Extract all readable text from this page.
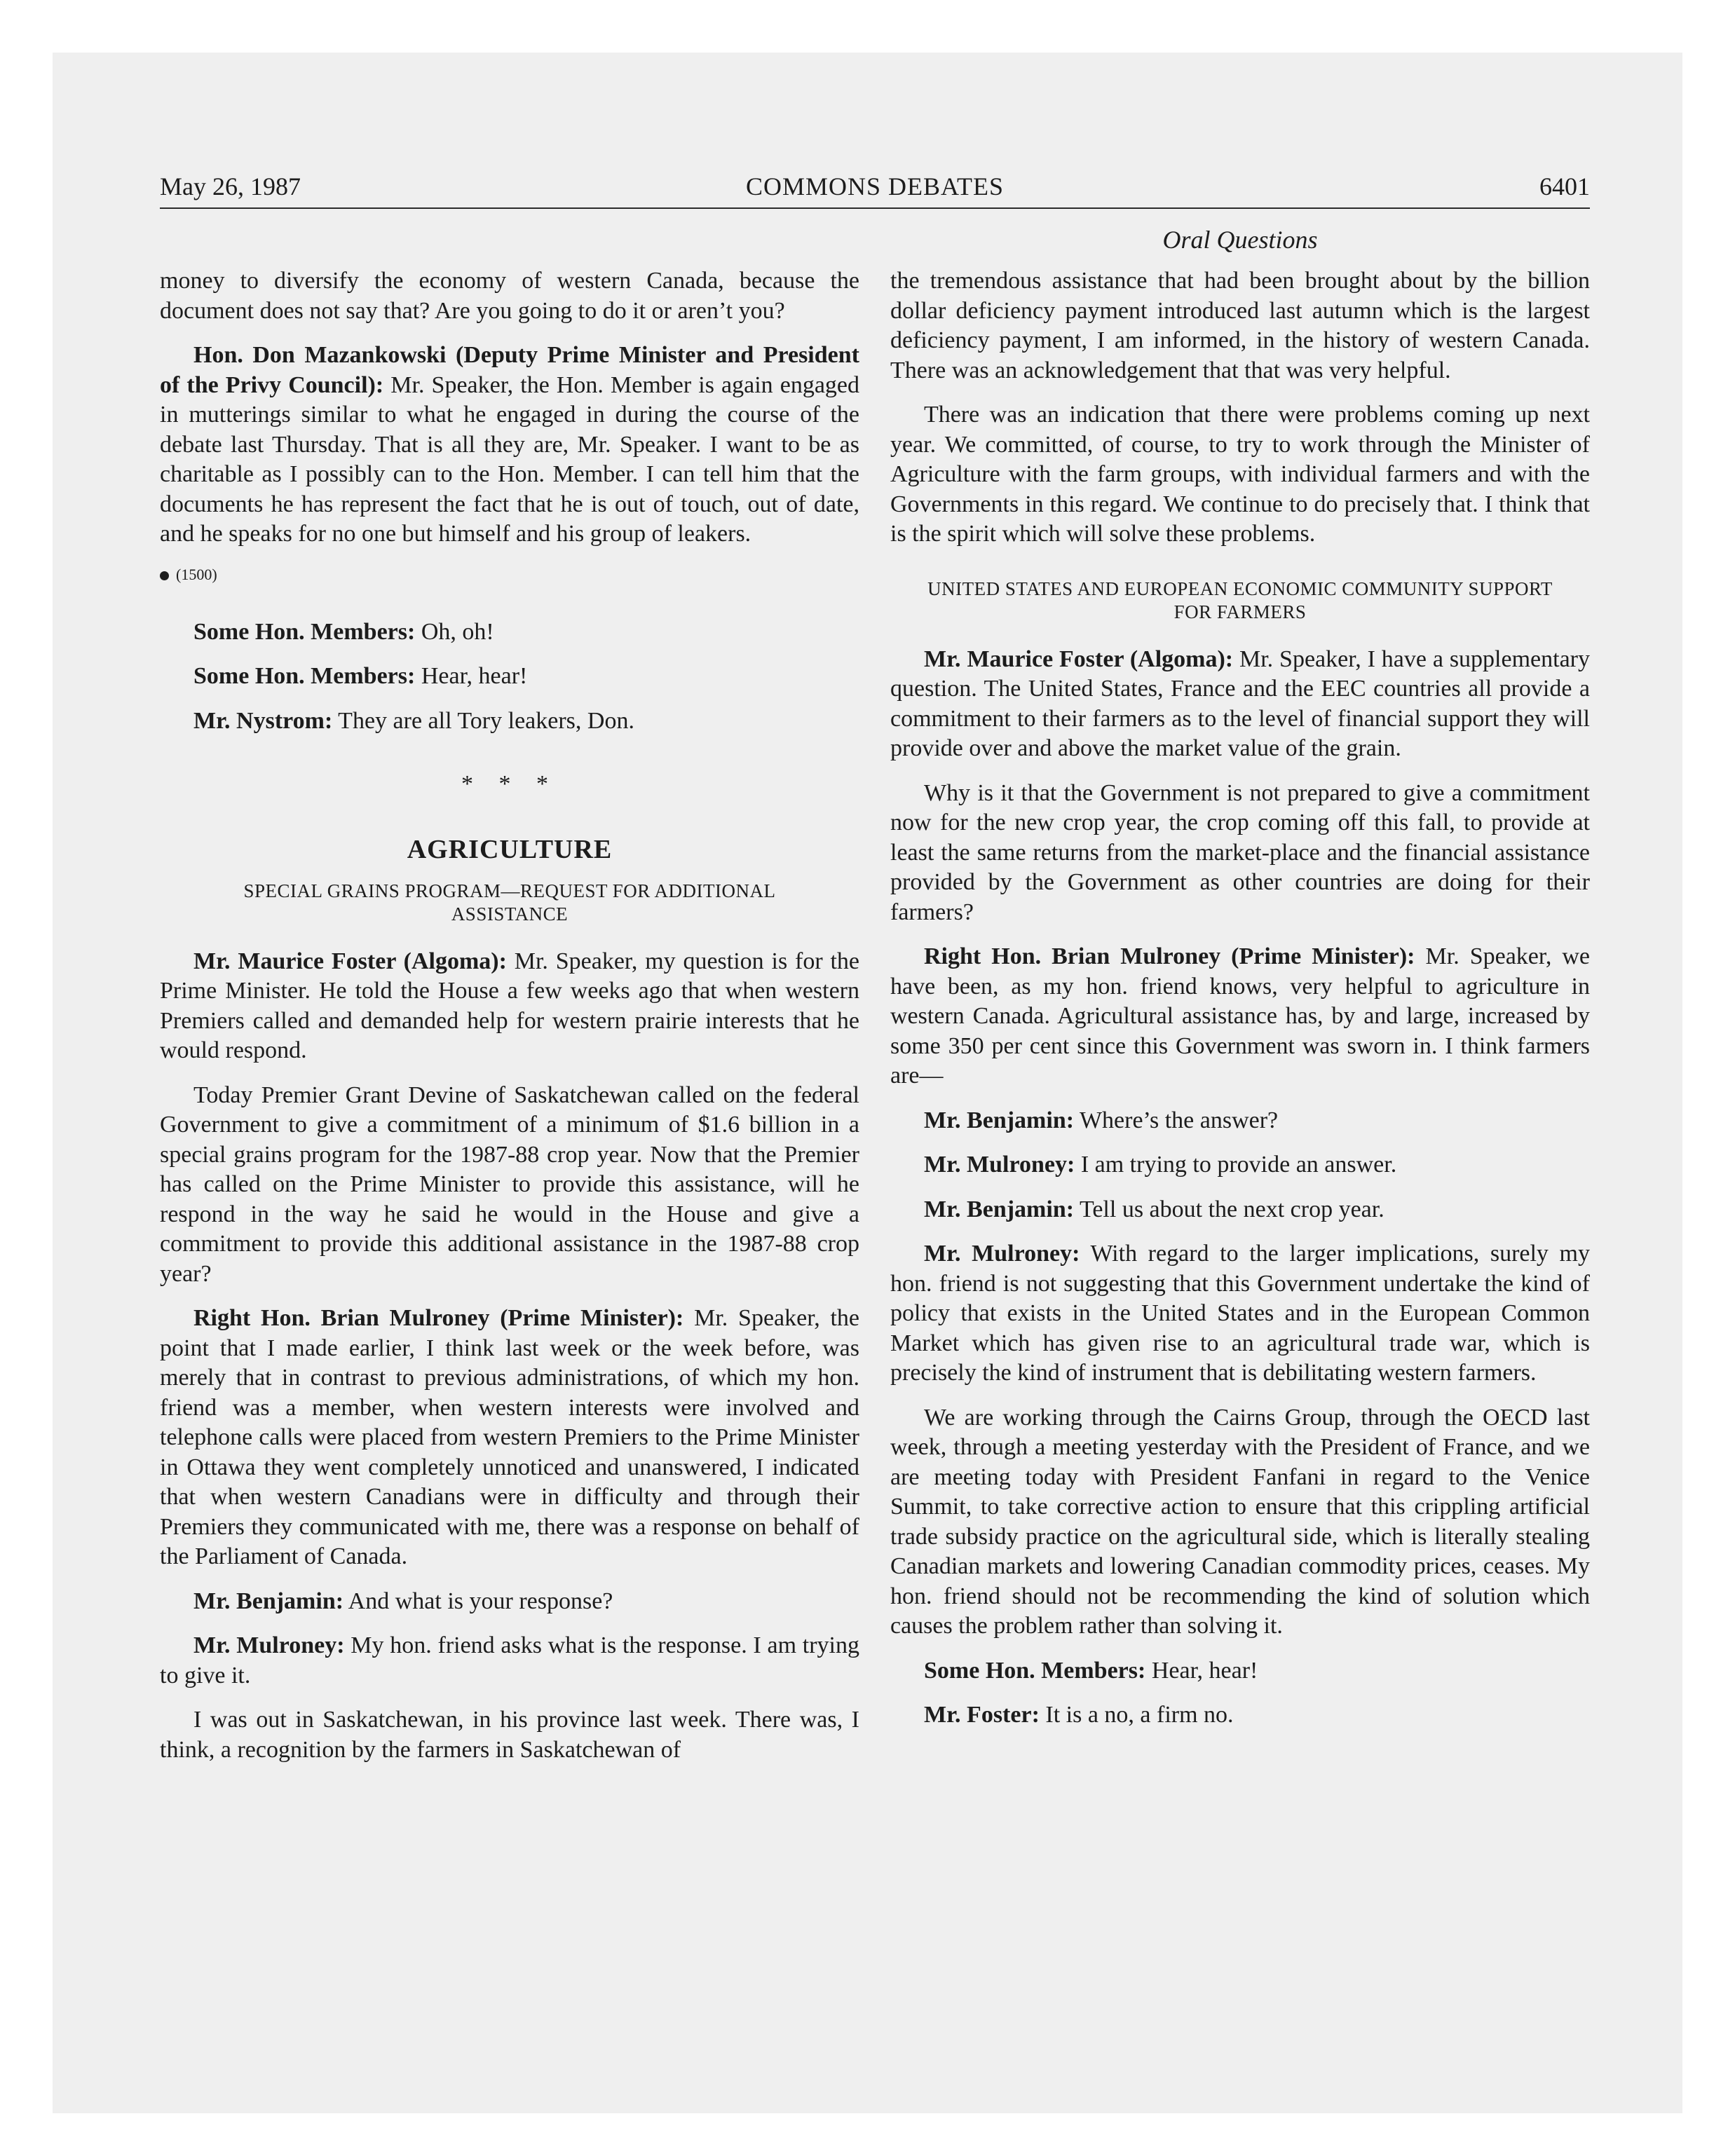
May 26, 1987	COMMONS DEBATES	6401
Oral Questions

money to diversify the economy of western Canada, because the document does not say that? Are you going to do it or aren’t you?

Hon. Don Mazankowski (Deputy Prime Minister and President of the Privy Council): Mr. Speaker, the Hon. Member is again engaged in mutterings similar to what he engaged in during the course of the debate last Thursday. That is all they are, Mr. Speaker. I want to be as charitable as I possibly can to the Hon. Member. I can tell him that the documents he has represent the fact that he is out of touch, out of date, and he speaks for no one but himself and his group of leakers.

(1500)

Some Hon. Members: Oh, oh!

Some Hon. Members: Hear, hear!

Mr. Nystrom: They are all Tory leakers, Don.

* * *
AGRICULTURE
SPECIAL GRAINS PROGRAM—REQUEST FOR ADDITIONAL ASSISTANCE

Mr. Maurice Foster (Algoma): Mr. Speaker, my question is for the Prime Minister. He told the House a few weeks ago that when western Premiers called and demanded help for western prairie interests that he would respond.

Today Premier Grant Devine of Saskatchewan called on the federal Government to give a commitment of a minimum of $1.6 billion in a special grains program for the 1987-88 crop year. Now that the Premier has called on the Prime Minister to provide this assistance, will he respond in the way he said he would in the House and give a commitment to provide this additional assistance in the 1987-88 crop year?

Right Hon. Brian Mulroney (Prime Minister): Mr. Speaker, the point that I made earlier, I think last week or the week before, was merely that in contrast to previous administrations, of which my hon. friend was a member, when western interests were involved and telephone calls were placed from western Premiers to the Prime Minister in Ottawa they went completely unnoticed and unanswered, I indicated that when western Canadians were in difficulty and through their Premiers they communicated with me, there was a response on behalf of the Parliament of Canada.

Mr. Benjamin: And what is your response?

Mr. Mulroney: My hon. friend asks what is the response. I am trying to give it.

I was out in Saskatchewan, in his province last week. There was, I think, a recognition by the farmers in Saskatchewan of

the tremendous assistance that had been brought about by the billion dollar deficiency payment introduced last autumn which is the largest deficiency payment, I am informed, in the history of western Canada. There was an acknowledgement that that was very helpful.

There was an indication that there were problems coming up next year. We committed, of course, to try to work through the Minister of Agriculture with the farm groups, with individual farmers and with the Governments in this regard. We continue to do precisely that. I think that is the spirit which will solve these problems.

UNITED STATES AND EUROPEAN ECONOMIC COMMUNITY SUPPORT FOR FARMERS

Mr. Maurice Foster (Algoma): Mr. Speaker, I have a supplementary question. The United States, France and the EEC countries all provide a commitment to their farmers as to the level of financial support they will provide over and above the market value of the grain.

Why is it that the Government is not prepared to give a commitment now for the new crop year, the crop coming off this fall, to provide at least the same returns from the market-place and the financial assistance provided by the Government as other countries are doing for their farmers?

Right Hon. Brian Mulroney (Prime Minister): Mr. Speaker, we have been, as my hon. friend knows, very helpful to agriculture in western Canada. Agricultural assistance has, by and large, increased by some 350 per cent since this Government was sworn in. I think farmers are—

Mr. Benjamin: Where’s the answer?

Mr. Mulroney: I am trying to provide an answer.

Mr. Benjamin: Tell us about the next crop year.

Mr. Mulroney: With regard to the larger implications, surely my hon. friend is not suggesting that this Government undertake the kind of policy that exists in the United States and in the European Common Market which has given rise to an agricultural trade war, which is precisely the kind of instrument that is debilitating western farmers.

We are working through the Cairns Group, through the OECD last week, through a meeting yesterday with the President of France, and we are meeting today with President Fanfani in regard to the Venice Summit, to take corrective action to ensure that this crippling artificial trade subsidy practice on the agricultural side, which is literally stealing Canadian markets and lowering Canadian commodity prices, ceases. My hon. friend should not be recommending the kind of solution which causes the problem rather than solving it.

Some Hon. Members: Hear, hear!

Mr. Foster: It is a no, a firm no.
